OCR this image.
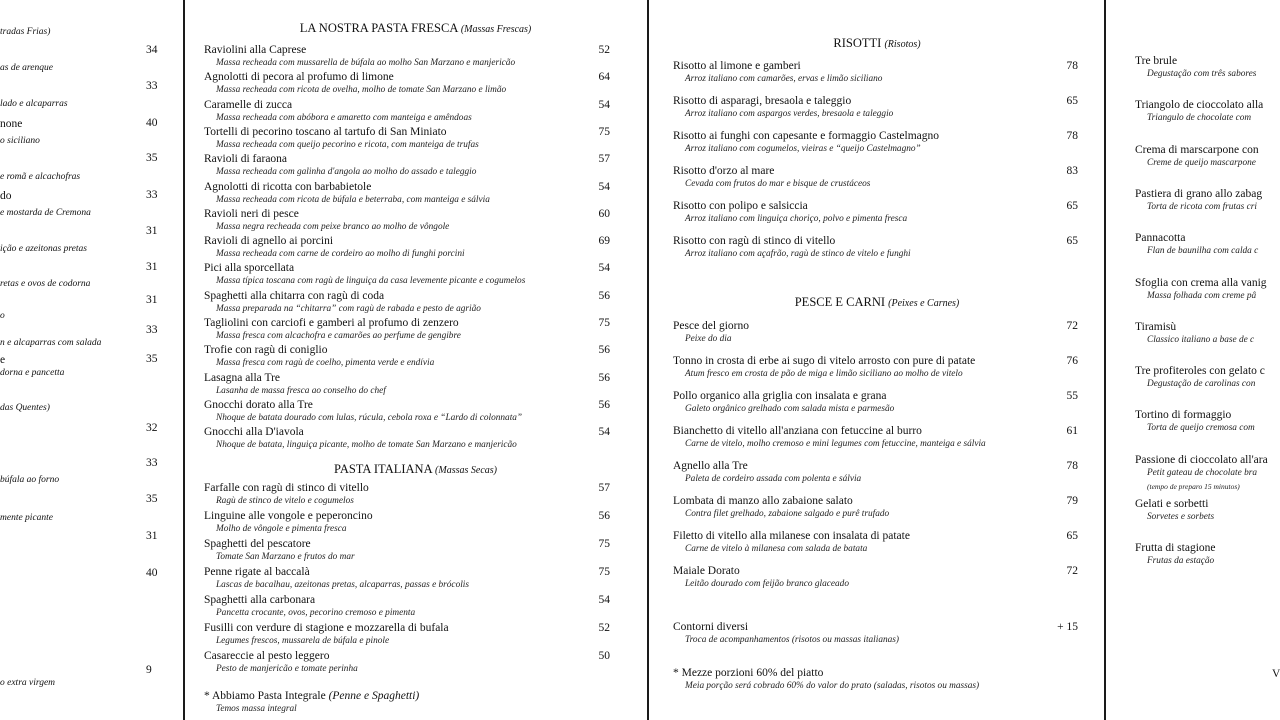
tradas Frias)
as de arenque
lado e alcaparras
none
o siciliano
e romã e alcachofras
do
e mostarda de Cremona
ição e azeitonas pretas
retas e ovos de codorna
o
n e alcaparras com salada
e
dorna e pancetta
das Quentes)
búfala ao forno
mente picante
o extra virgem
34
33
40
35
33
31
31
31
33
35
32
33
35
31
40
9
LA NOSTRA PASTA FRESCA (Massas Frescas)
Raviolini alla Caprese
Massa recheada com mussarella de búfala ao molho San Marzano e manjericão
52
Agnolotti di pecora al profumo di limone
Massa recheada com ricota de ovelha, molho de tomate San Marzano e limão
64
Caramelle di zucca
Massa recheada com abóbora e amaretto com manteiga e amêndoas
54
Tortelli di pecorino toscano al tartufo di San Miniato
Massa recheada com queijo pecorino e ricota, com manteiga de trufas
75
Ravioli di faraona
Massa recheada com galinha d'angola ao molho do assado e taleggio
57
Agnolotti di ricotta con barbabietole
Massa recheada com ricota de búfala e beterraba, com manteiga e sálvia
54
Ravioli neri di pesce
Massa negra recheada com peixe branco ao molho de vôngole
60
Ravioli di agnello ai porcini
Massa recheada com carne de cordeiro ao molho di funghi porcini
69
Pici alla sporcellata
Massa típica toscana com ragù de linguiça da casa levemente picante e cogumelos
54
Spaghetti alla chitarra con ragù di coda
Massa preparada na “chitarra” com ragù de rabada e pesto de agrião
56
Tagliolini con carciofi e gamberi al profumo di zenzero
Massa fresca com alcachofra e camarões ao perfume de gengibre
75
Trofie con ragù di coniglio
Massa fresca com ragù de coelho, pimenta verde e endívia
56
Lasagna alla Tre
Lasanha de massa fresca ao conselho do chef
56
Gnocchi dorato alla Tre
Nhoque de batata dourado com lulas, rúcula, cebola roxa e “Lardo di colonnata”
56
Gnocchi alla D'iavola
Nhoque de batata, linguiça picante, molho de tomate San Marzano e manjericão
54
PASTA ITALIANA (Massas Secas)
Farfalle con ragù di stinco di vitello
Ragù de stinco de vitelo e cogumelos
57
Linguine alle vongole e peperoncino
Molho de vôngole e pimenta fresca
56
Spaghetti del pescatore
Tomate San Marzano e frutos do mar
75
Penne rigate al baccalà
Lascas de bacalhau, azeitonas pretas, alcaparras, passas e brócolis
75
Spaghetti alla carbonara
Pancetta crocante, ovos, pecorino cremoso e pimenta
54
Fusilli con verdure di stagione e mozzarella di bufala
Legumes frescos, mussarela de búfala e pinole
52
Casareccie al pesto leggero
Pesto de manjericão e tomate perinha
50
* Abbiamo Pasta Integrale (Penne e Spaghetti)
Temos massa integral
RISOTTI (Risotos)
Risotto al limone e gamberi
Arroz italiano com camarões, ervas e limão siciliano
78
Risotto di asparagi, bresaola e taleggio
Arroz italiano com aspargos verdes, bresaola e taleggio
65
Risotto ai funghi con capesante e formaggio Castelmagno
Arroz italiano com cogumelos, vieiras e “queijo Castelmagno”
78
Risotto d'orzo al mare
Cevada com frutos do mar e bisque de crustáceos
83
Risotto con polipo e salsiccia
Arroz italiano com linguiça choriço, polvo e pimenta fresca
65
Risotto con ragù di stinco di vitello
Arroz italiano com açafrão, ragù de stinco de vitelo e funghi
65
PESCE E CARNI (Peixes e Carnes)
Pesce del giorno
Peixe do dia
72
Tonno in crosta di erbe ai sugo di vitelo arrosto con pure di patate
Atum fresco em crosta de pão de miga e limão siciliano ao molho de vitelo
76
Pollo organico alla griglia con insalata e grana
Galeto orgânico grelhado com salada mista e parmesão
55
Bianchetto di vitello all'anziana con fetuccine al burro
Carne de vitelo, molho cremoso e mini legumes com fetuccine, manteiga e sálvia
61
Agnello alla Tre
Paleta de cordeiro assada com polenta e sálvia
78
Lombata di manzo allo zabaione salato
Contra filet grelhado, zabaione salgado e purê trufado
79
Filetto di vitello alla milanese con insalata di patate
Carne de vitelo à milanesa com salada de batata
65
Maiale Dorato
Leitão dourado com feijão branco glaceado
72
Contorni diversi
Troca de acompanhamentos (risotos ou massas italianas)
+ 15
* Mezze porzioni 60% del piatto
Meia porção será cobrado 60% do valor do prato (saladas, risotos ou massas)
Tre brule
Degustação com três sabores
Triangolo de cioccolato alla
Triangulo de chocolate com
Crema di marscarpone con
Creme de queijo mascarpone
Pastiera di grano allo zabag
Torta de ricota com frutas cri
Pannacotta
Flan de baunilha com calda c
Sfoglia con crema alla vanig
Massa folhada com creme pâ
Tiramisù
Classico italiano a base de c
Tre profiteroles con gelato c
Degustação de carolinas con
Tortino di formaggio
Torta de queijo cremosa com
Passione di cioccolato all'ara
Petit gateau de chocolate bra
(tempo de preparo 15 minutos)
Gelati e sorbetti
Sorvetes e sorbets
Frutta di stagione
Frutas da estação
V
